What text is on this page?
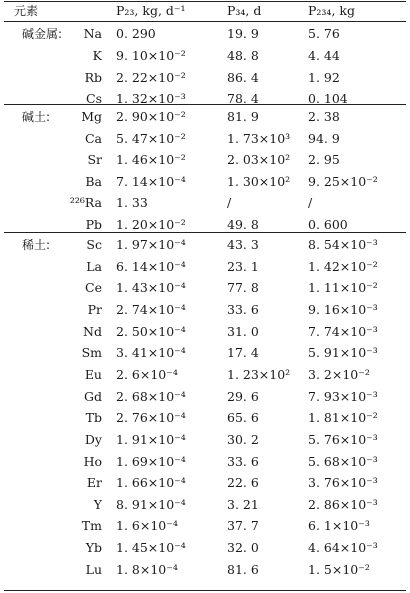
元素	P₂₃, kg, d⁻¹	P₃₄, d	P₂₃₄, kg
碱金属:	Na 0. 290	19. 9	5. 76
K 9. 10×10⁻²	48. 8	4. 44
Rb 2. 22×10⁻²	86. 4	1. 92
Cs 1. 32×10⁻³	78. 4	0. 104
碱土:	Mg 2. 90×10⁻²	81. 9	2. 38
Ca 5. 47×10⁻²	1. 73×10³	94. 9
Sr 1. 46×10⁻²	2. 03×10²	2. 95
Ba 7. 14×10⁻⁴	1. 30×10²	9. 25×10⁻²
²²⁶Ra 1. 33	/	/
Pb 1. 20×10⁻²	49. 8	0. 600
稀土:	Sc 1. 97×10⁻⁴	43. 3	8. 54×10⁻³
La 6. 14×10⁻⁴	23. 1	1. 42×10⁻²
Ce 1. 43×10⁻⁴	77. 8	1. 11×10⁻²
Pr 2. 74×10⁻⁴	33. 6	9. 16×10⁻³
Nd 2. 50×10⁻⁴	31. 0	7. 74×10⁻³
Sm 3. 41×10⁻⁴	17. 4	5. 91×10⁻³
Eu 2. 6×10⁻⁴	1. 23×10²	3. 2×10⁻²
Gd 2. 68×10⁻⁴	29. 6	7. 93×10⁻³
Tb 2. 76×10⁻⁴	65. 6	1. 81×10⁻²
Dy 1. 91×10⁻⁴	30. 2	5. 76×10⁻³
Ho 1. 69×10⁻⁴	33. 6	5. 68×10⁻³
Er 1. 66×10⁻⁴	22. 6	3. 76×10⁻³
Y 8. 91×10⁻⁴	3. 21	2. 86×10⁻³
Tm 1. 6×10⁻⁴	37. 7	6. 1×10⁻³
Yb 1. 45×10⁻⁴	32. 0	4. 64×10⁻³
Lu 1. 8×10⁻⁴	81. 6	1. 5×10⁻²
